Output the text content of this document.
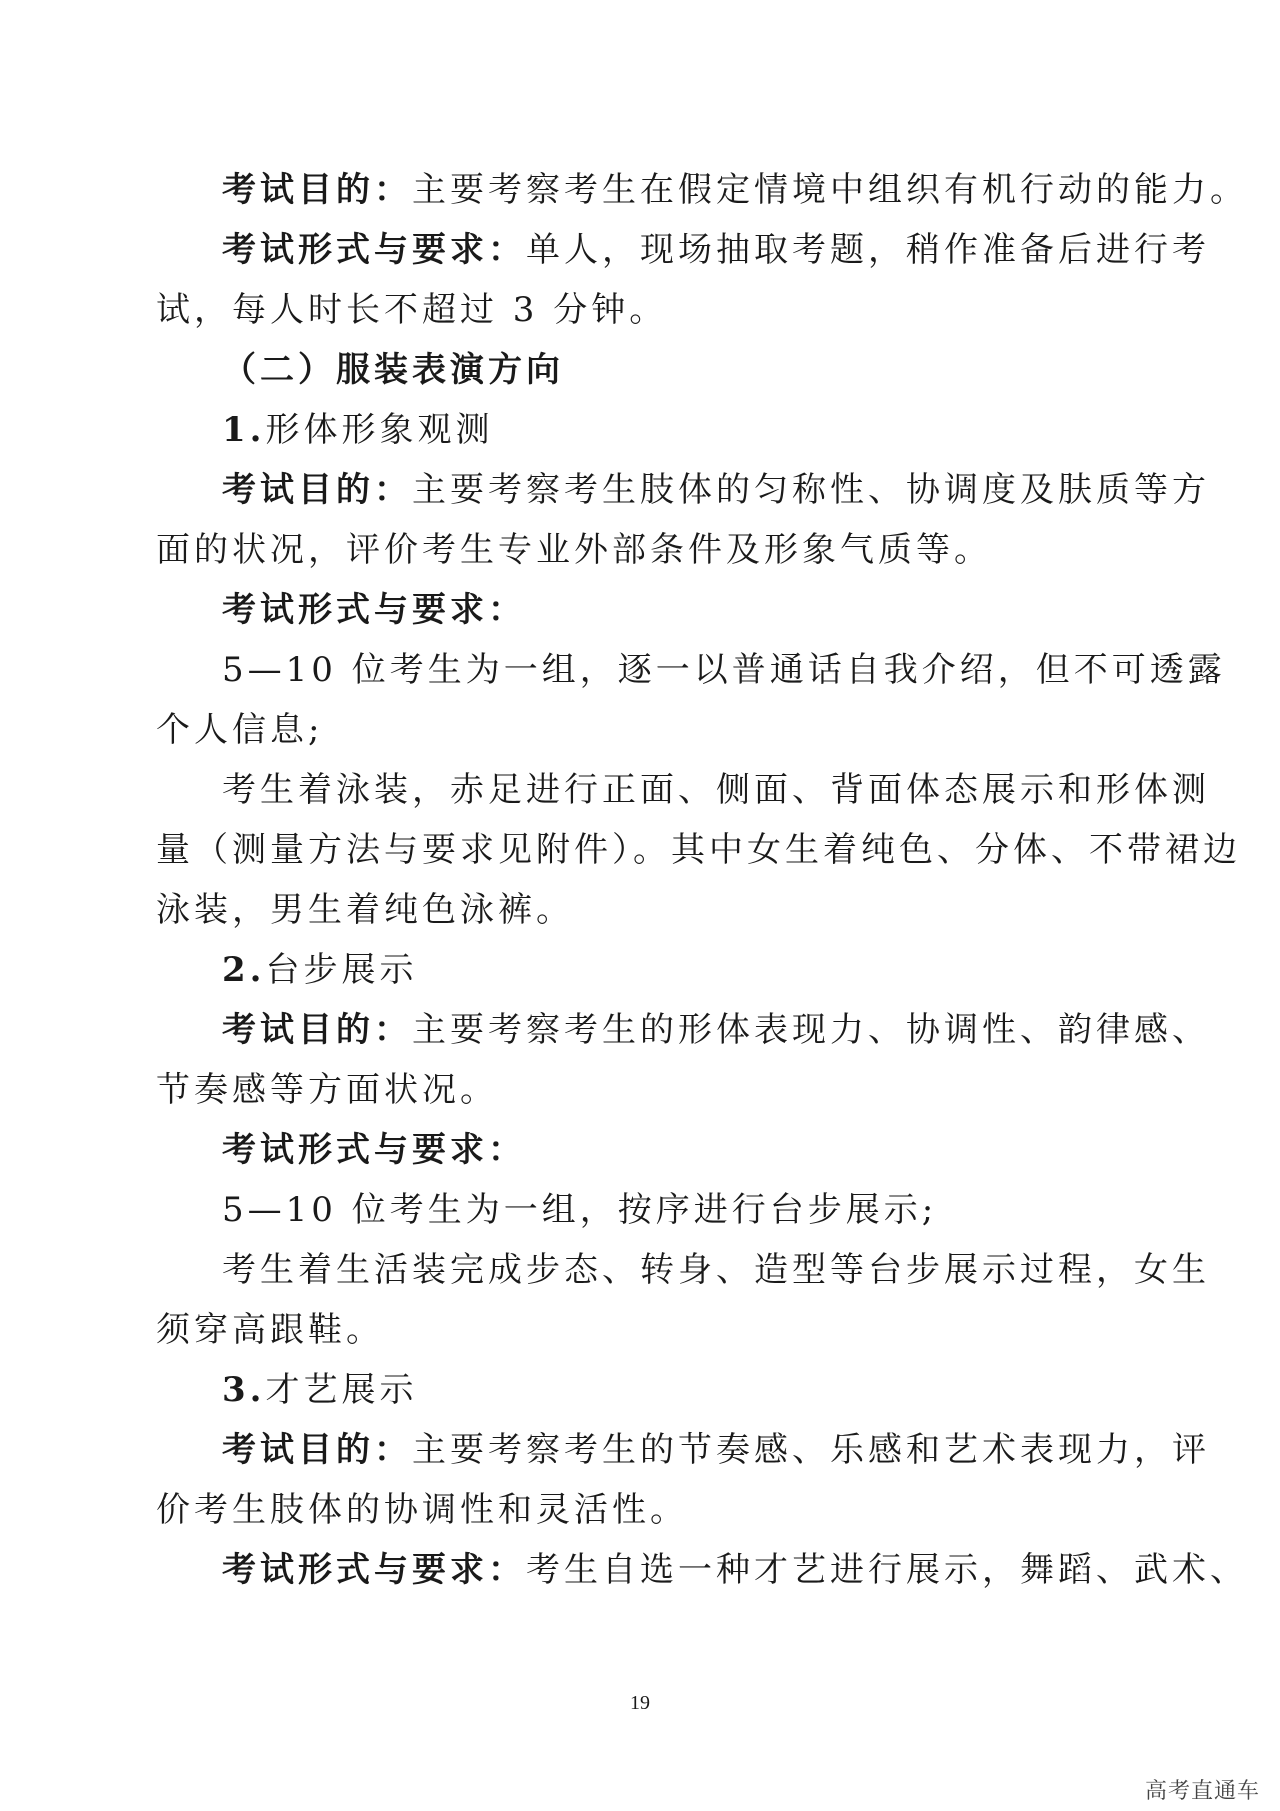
考试目的：主要考察考生在假定情境中组织有机行动的能力。
考试形式与要求：单人，现场抽取考题，稍作准备后进行考
试，每人时长不超过 3 分钟。
（二）服装表演方向
1.形体形象观测
考试目的：主要考察考生肢体的匀称性、协调度及肤质等方
面的状况，评价考生专业外部条件及形象气质等。
考试形式与要求：
5—10 位考生为一组，逐一以普通话自我介绍，但不可透露
个人信息;
考生着泳装，赤足进行正面、侧面、背面体态展示和形体测
量（测量方法与要求见附件）。其中女生着纯色、分体、不带裙边
泳装，男生着纯色泳裤。
2.台步展示
考试目的：主要考察考生的形体表现力、协调性、韵律感、
节奏感等方面状况。
考试形式与要求：
5—10 位考生为一组，按序进行台步展示;
考生着生活装完成步态、转身、造型等台步展示过程，女生
须穿高跟鞋。
3.才艺展示
考试目的：主要考察考生的节奏感、乐感和艺术表现力，评
价考生肢体的协调性和灵活性。
考试形式与要求：考生自选一种才艺进行展示，舞蹈、武术、
19
高考直通车
